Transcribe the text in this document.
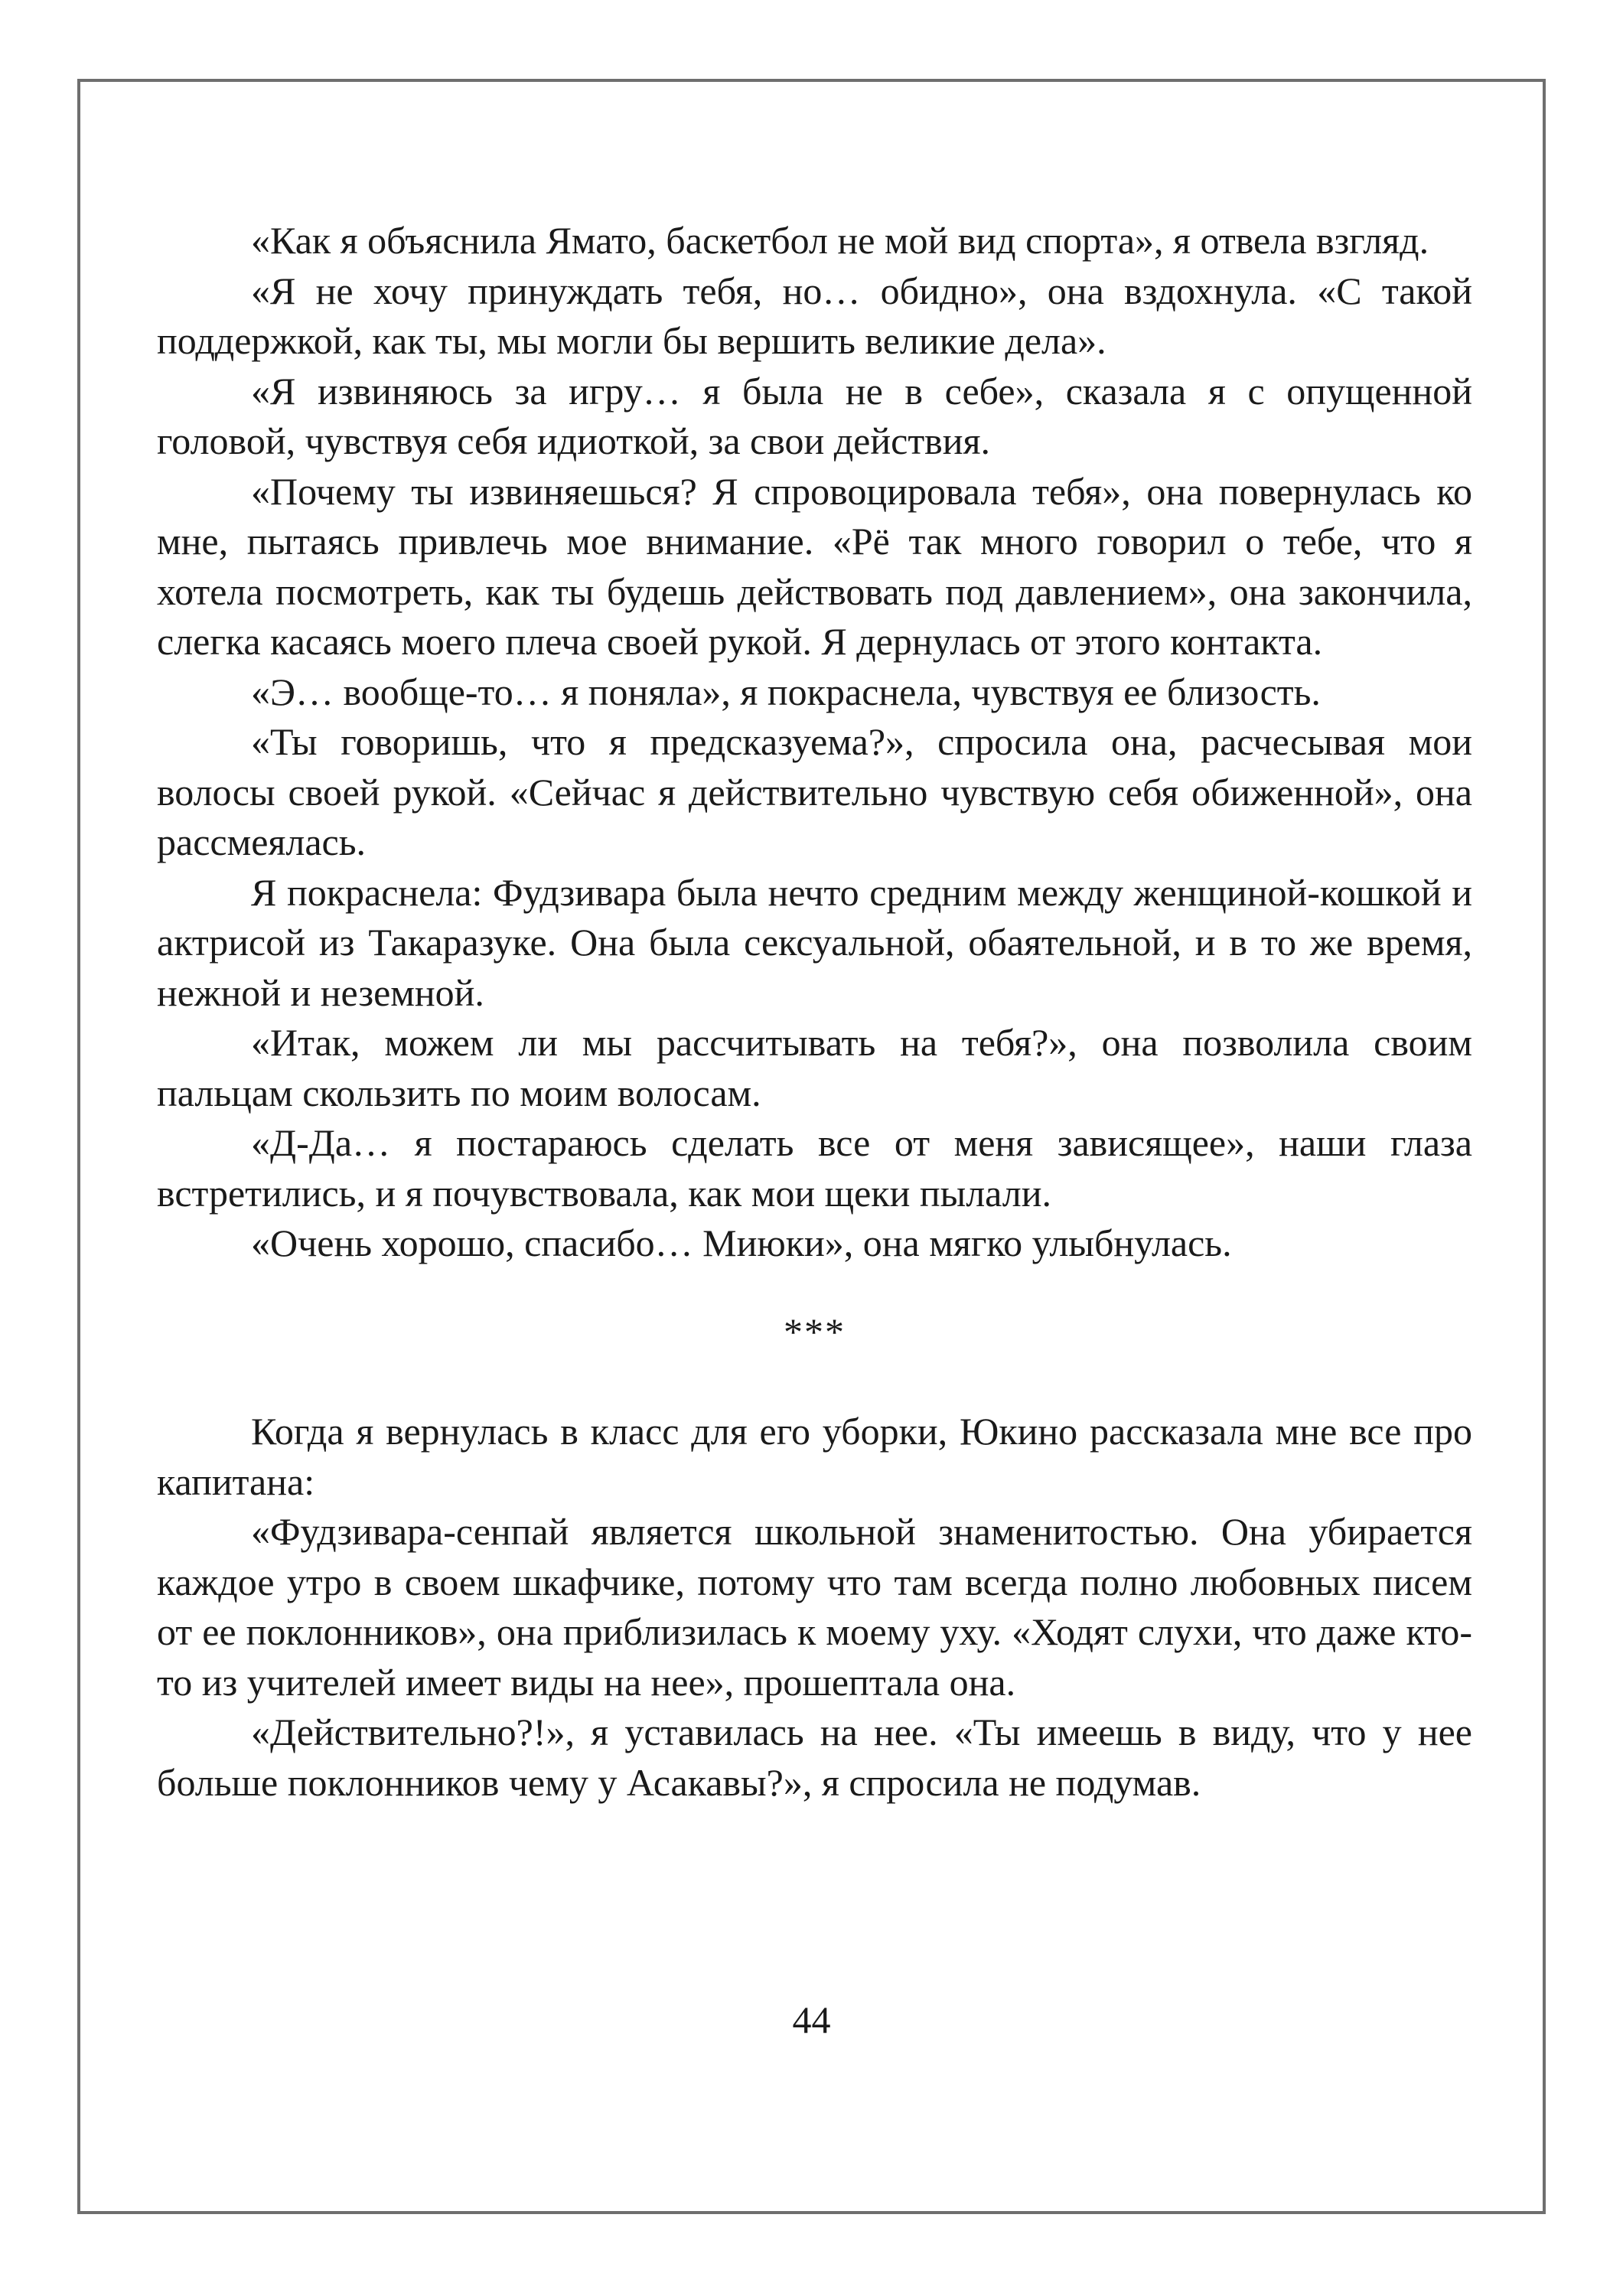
«Как я объяснила Ямато, баскетбол не мой вид спорта», я отвела взгляд.

«Я не хочу принуждать тебя, но… обидно», она вздохнула. «С такой поддержкой, как ты, мы могли бы вершить великие дела».

«Я извиняюсь за игру… я была не в себе», сказала я с опущенной головой, чувствуя себя идиоткой, за свои действия.

«Почему ты извиняешься? Я спровоцировала тебя», она повернулась ко мне, пытаясь привлечь мое внимание. «Рё так много говорил о тебе, что я хотела посмотреть, как ты будешь действовать под давлением», она закончила, слегка касаясь моего плеча своей рукой. Я дернулась от этого контакта.

«Э… вообще-то… я поняла», я покраснела, чувствуя ее близость.

«Ты говоришь, что я предсказуема?», спросила она, расчесывая мои волосы своей рукой. «Сейчас я действительно чувствую себя обиженной», она рассмеялась.

Я покраснела: Фудзивара была нечто средним между женщиной-кошкой и актрисой из Такаразуке. Она была сексуальной, обаятельной, и в то же время, нежной и неземной.

«Итак, можем ли мы рассчитывать на тебя?», она позволила своим пальцам скользить по моим волосам.

«Д-Да… я постараюсь сделать все от меня зависящее», наши глаза встретились, и я почувствовала, как мои щеки пылали.

«Очень хорошо, спасибо… Миюки», она мягко улыбнулась.

***

Когда я вернулась в класс для его уборки, Юкино рассказала мне все про капитана:

«Фудзивара-сенпай является школьной знаменитостью. Она убирается каждое утро в своем шкафчике, потому что там всегда полно любовных писем от ее поклонников», она приблизилась к моему уху. «Ходят слухи, что даже кто-то из учителей имеет виды на нее», прошептала она.

«Действительно?!», я уставилась на нее. «Ты имеешь в виду, что у нее больше поклонников чему у Асакавы?», я спросила не подумав.

44
